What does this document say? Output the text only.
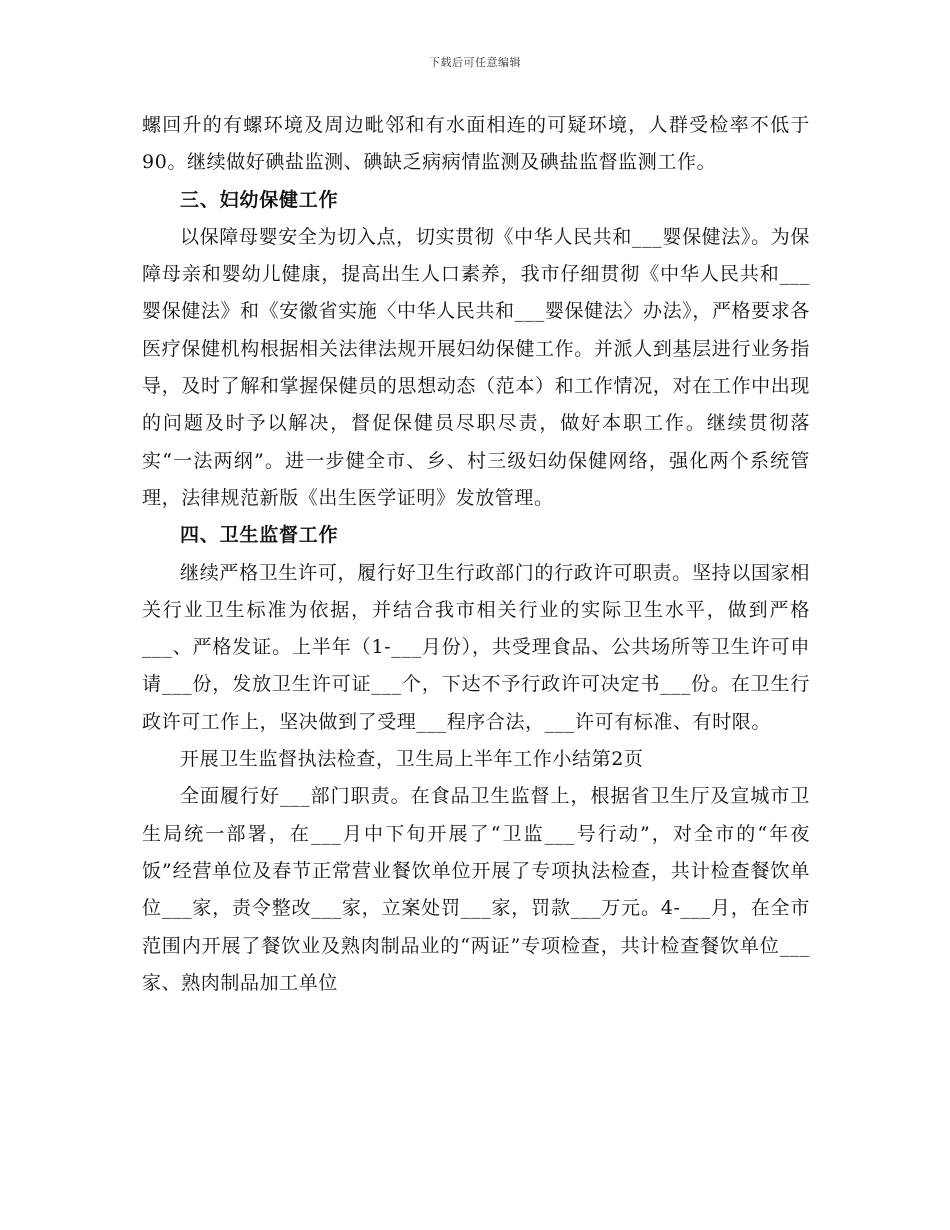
下载后可任意编辑

螺回升的有螺环境及周边毗邻和有水面相连的可疑环境，人群受检率不低于90。继续做好碘盐监测、碘缺乏病病情监测及碘盐监督监测工作。

三、妇幼保健工作

以保障母婴安全为切入点，切实贯彻《中华人民共和___婴保健法》。为保障母亲和婴幼儿健康，提高出生人口素养，我市仔细贯彻《中华人民共和___婴保健法》和《安徽省实施〈中华人民共和___婴保健法〉办法》，严格要求各医疗保健机构根据相关法律法规开展妇幼保健工作。并派人到基层进行业务指导，及时了解和掌握保健员的思想动态（范本）和工作情况，对在工作中出现的问题及时予以解决，督促保健员尽职尽责，做好本职工作。继续贯彻落实“一法两纲”。进一步健全市、乡、村三级妇幼保健网络，强化两个系统管理，法律规范新版《出生医学证明》发放管理。

四、卫生监督工作

继续严格卫生许可，履行好卫生行政部门的行政许可职责。坚持以国家相关行业卫生标准为依据，并结合我市相关行业的实际卫生水平，做到严格___、严格发证。上半年（1-___月份），共受理食品、公共场所等卫生许可申请___份，发放卫生许可证___个，下达不予行政许可决定书___份。在卫生行政许可工作上，坚决做到了受理___程序合法，___许可有标准、有时限。

开展卫生监督执法检查，卫生局上半年工作小结第2页

全面履行好___部门职责。在食品卫生监督上，根据省卫生厅及宣城市卫生局统一部署，在___月中下旬开展了“卫监___号行动”，对全市的“年夜饭”经营单位及春节正常营业餐饮单位开展了专项执法检查，共计检查餐饮单位___家，责令整改___家，立案处罚___家，罚款___万元。4-___月，在全市范围内开展了餐饮业及熟肉制品业的“两证”专项检查，共计检查餐饮单位___家、熟肉制品加工单位
